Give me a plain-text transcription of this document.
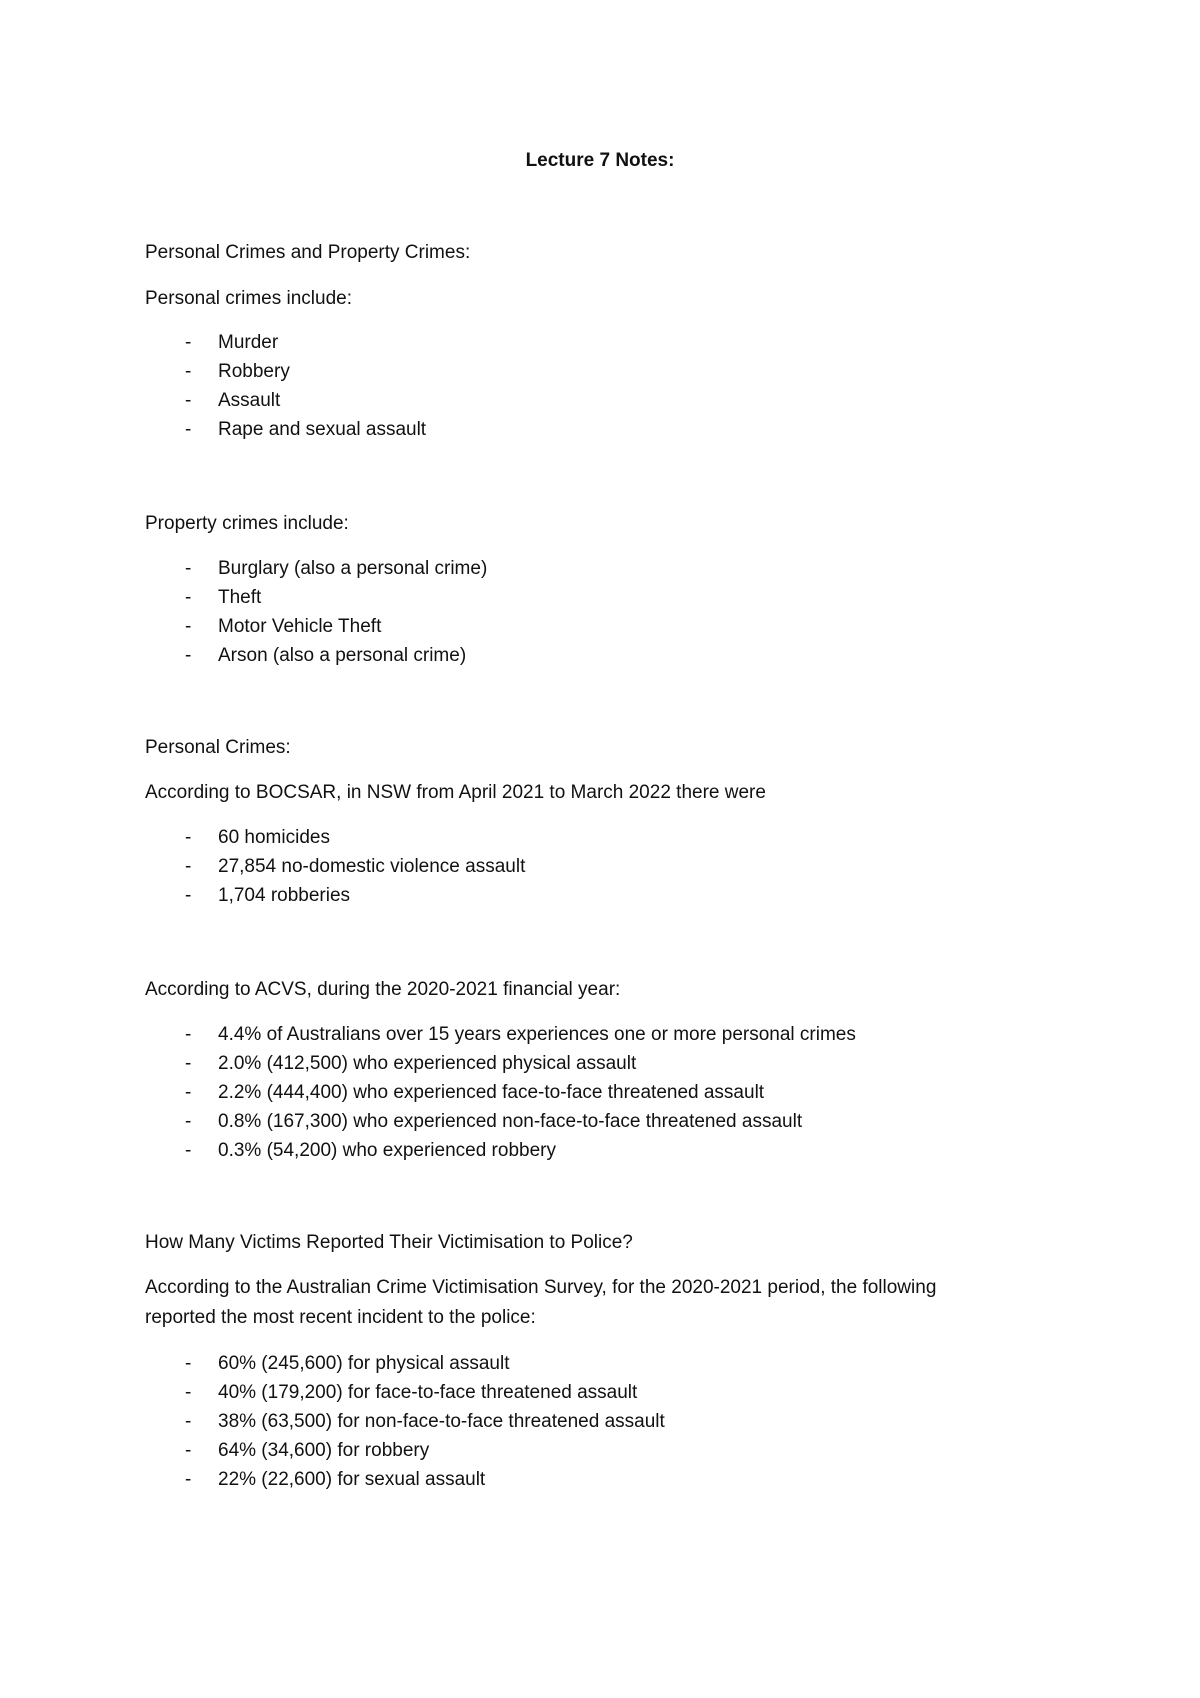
Lecture 7 Notes:

Personal Crimes and Property Crimes:

Personal crimes include:

- Murder
- Robbery
- Assault
- Rape and sexual assault

Property crimes include:

- Burglary (also a personal crime)
- Theft
- Motor Vehicle Theft
- Arson (also a personal crime)

Personal Crimes:

According to BOCSAR, in NSW from April 2021 to March 2022 there were

- 60 homicides
- 27,854 no-domestic violence assault
- 1,704 robberies

According to ACVS, during the 2020-2021 financial year:

- 4.4% of Australians over 15 years experiences one or more personal crimes
- 2.0% (412,500) who experienced physical assault
- 2.2% (444,400) who experienced face-to-face threatened assault
- 0.8% (167,300) who experienced non-face-to-face threatened assault
- 0.3% (54,200) who experienced robbery

How Many Victims Reported Their Victimisation to Police?

According to the Australian Crime Victimisation Survey, for the 2020-2021 period, the following

reported the most recent incident to the police:

- 60% (245,600) for physical assault
- 40% (179,200) for face-to-face threatened assault
- 38% (63,500) for non-face-to-face threatened assault
- 64% (34,600) for robbery
- 22% (22,600) for sexual assault
